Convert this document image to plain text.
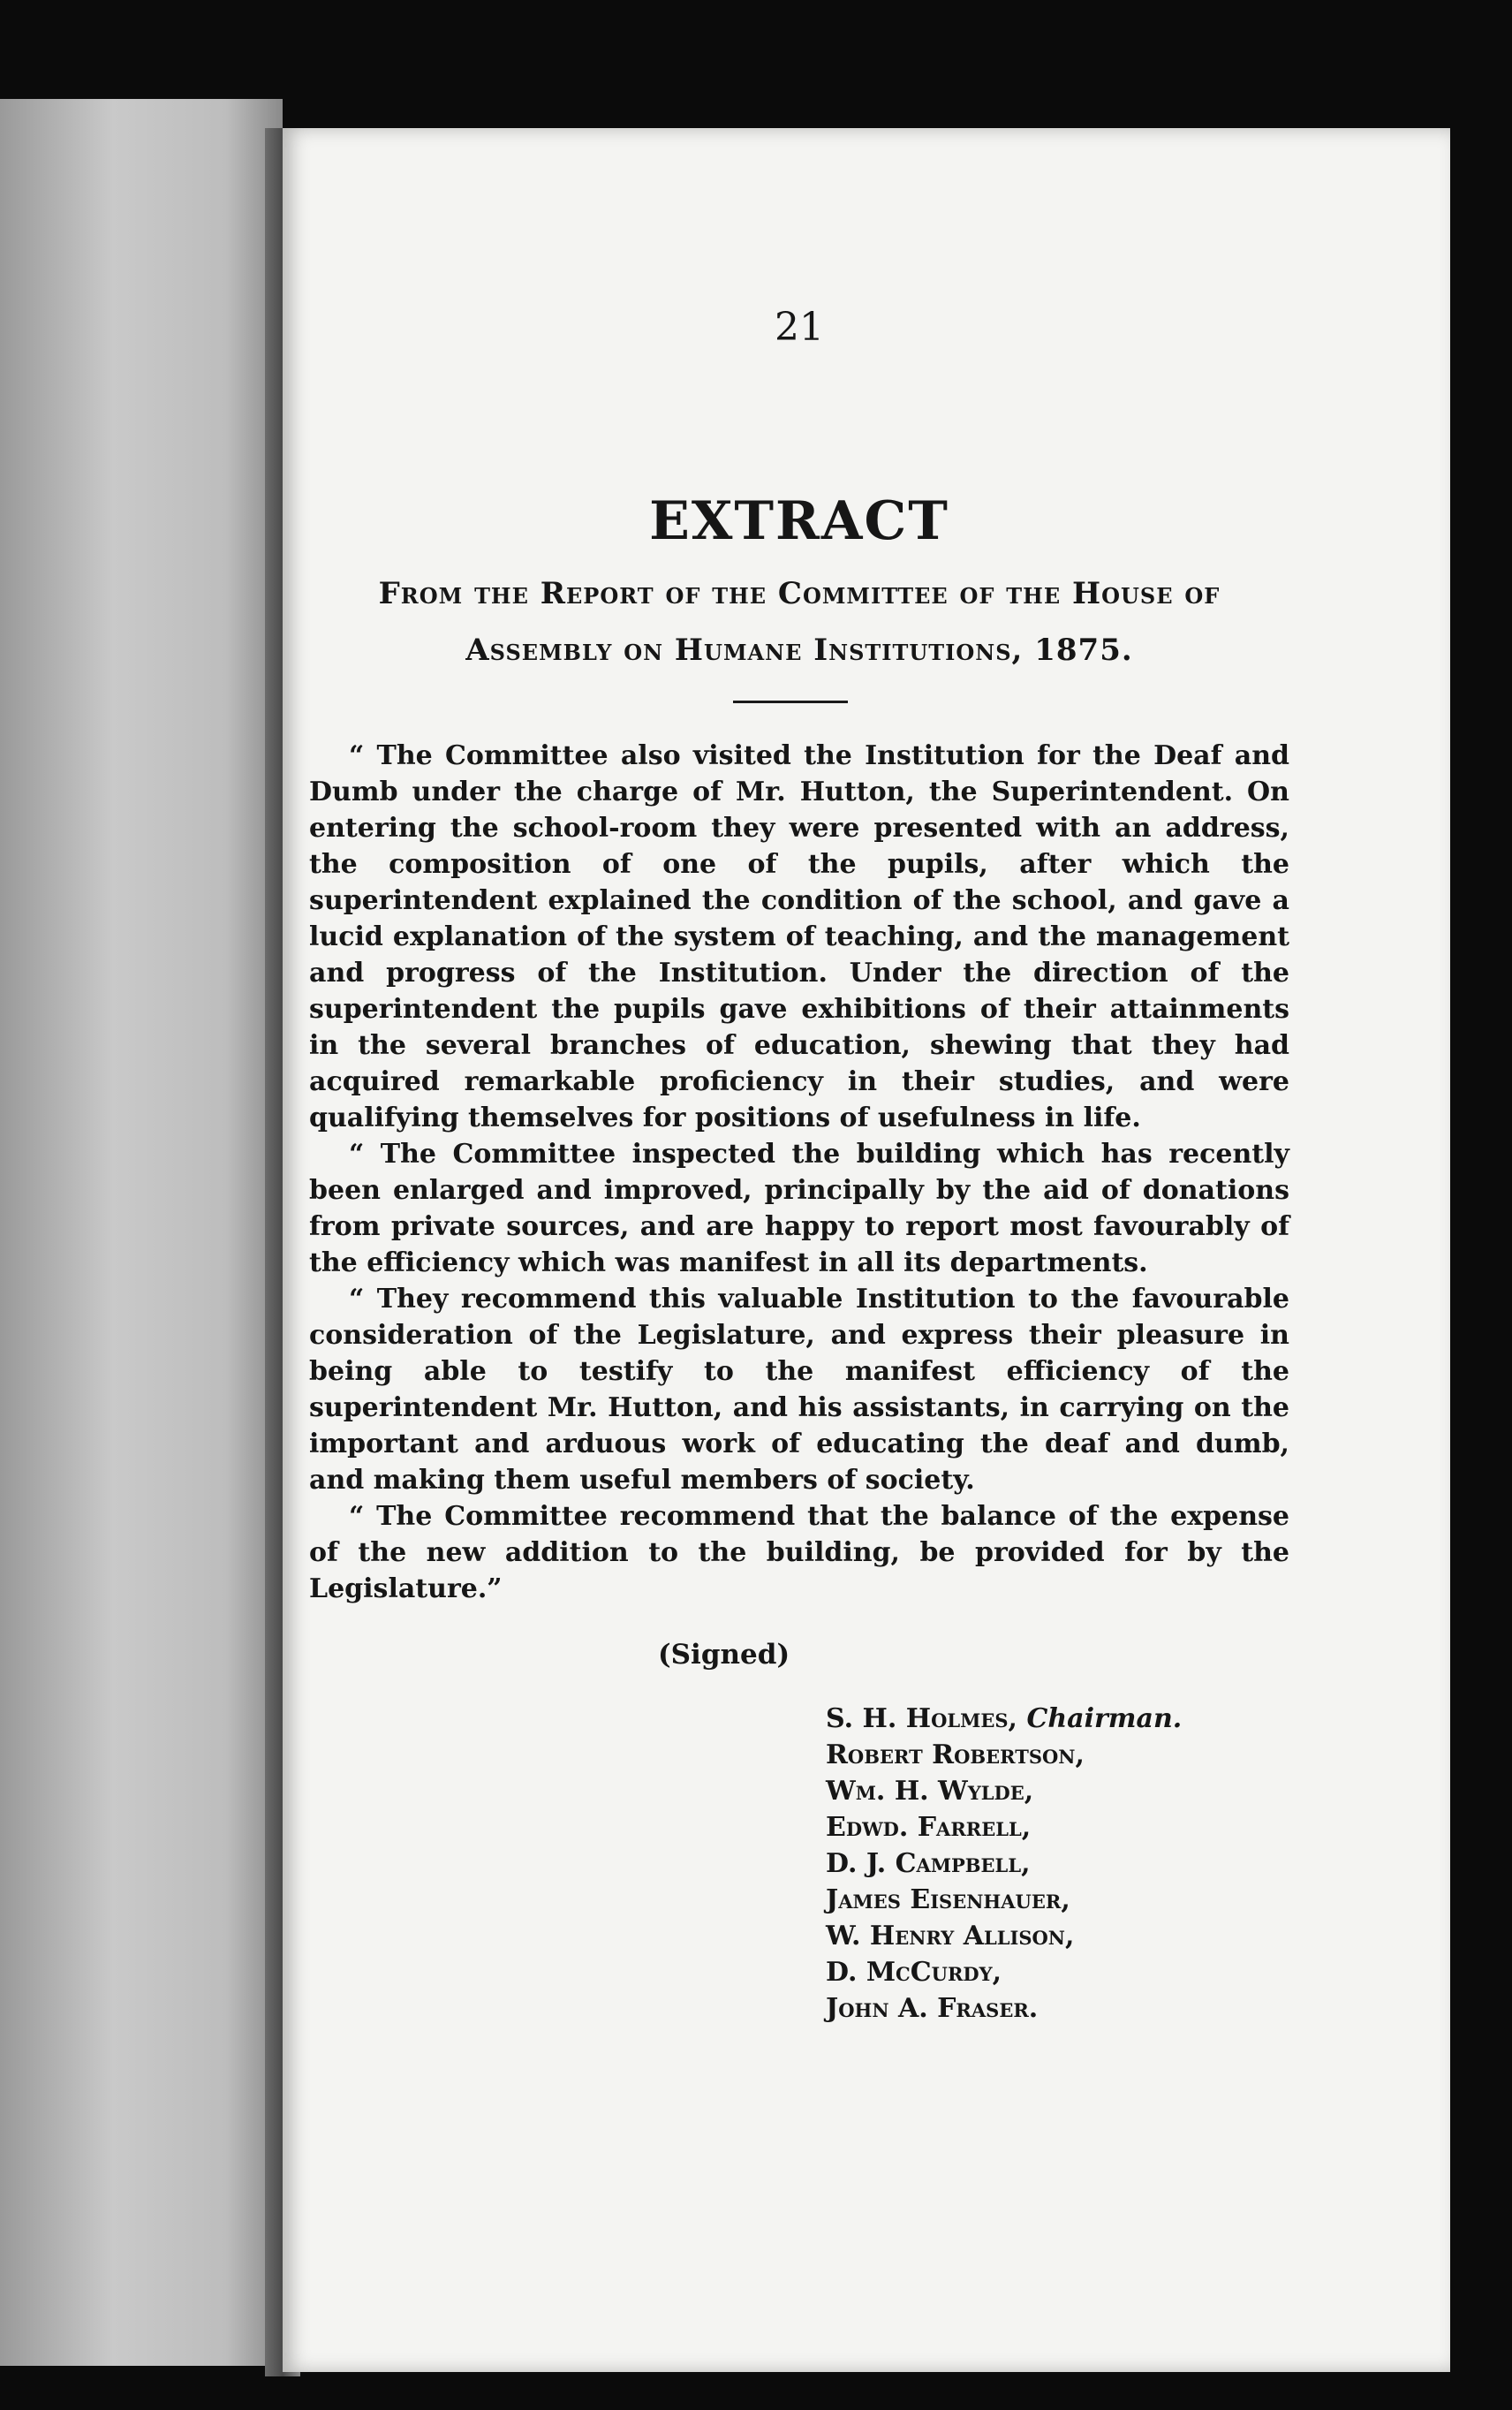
21
EXTRACT
From the Report of the Committee of the House of
Assembly on Humane Institutions, 1875.

“ The Committee also visited the Institution for the Deaf and Dumb under the charge of Mr. Hutton, the Superintendent. On entering the school-room they were presented with an address, the composition of one of the pupils, after which the superintendent explained the condition of the school, and gave a lucid explanation of the system of teaching, and the management and progress of the Institution. Under the direction of the superintendent the pupils gave exhibitions of their attainments in the several branches of education, shewing that they had acquired remarkable proficiency in their studies, and were qualifying themselves for positions of usefulness in life.

“ The Committee inspected the building which has recently been enlarged and improved, principally by the aid of donations from private sources, and are happy to report most favourably of the efficiency which was manifest in all its departments.

“ They recommend this valuable Institution to the favourable consideration of the Legislature, and express their pleasure in being able to testify to the manifest efficiency of the superintendent Mr. Hutton, and his assistants, in carrying on the important and arduous work of educating the deaf and dumb, and making them useful members of society.

“ The Committee recommend that the balance of the expense of the new addition to the building, be provided for by the Legislature.”

(Signed)
S. H. Holmes, Chairman.
Robert Robertson,
Wm. H. Wylde,
Edwd. Farrell,
D. J. Campbell,
James Eisenhauer,
W. Henry Allison,
D. McCurdy,
John A. Fraser.
